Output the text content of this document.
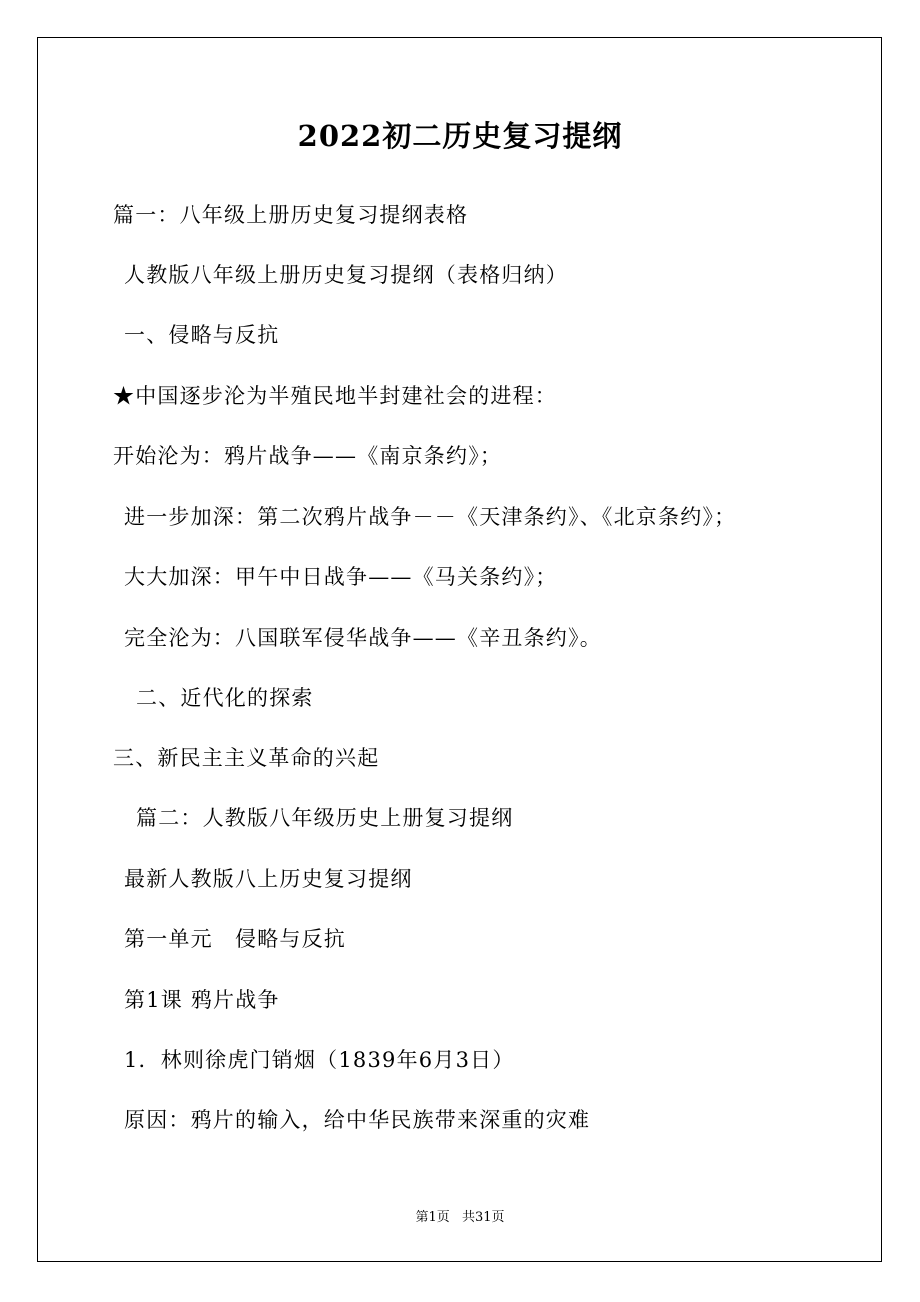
2022初二历史复习提纲

篇一：八年级上册历史复习提纲表格

人教版八年级上册历史复习提纲（表格归纳）

一、侵略与反抗

★中国逐步沦为半殖民地半封建社会的进程：

开始沦为：鸦片战争——《南京条约》；

进一步加深：第二次鸦片战争－－《天津条约》、《北京条约》；

大大加深：甲午中日战争——《马关条约》；

完全沦为：八国联军侵华战争——《辛丑条约》。

二、近代化的探索

三、新民主主义革命的兴起

篇二：人教版八年级历史上册复习提纲

最新人教版八上历史复习提纲

第一单元　侵略与反抗

第1课 鸦片战争

1．林则徐虎门销烟（1839年6月3日）

原因：鸦片的输入，给中华民族带来深重的灾难

第1页 共31页
